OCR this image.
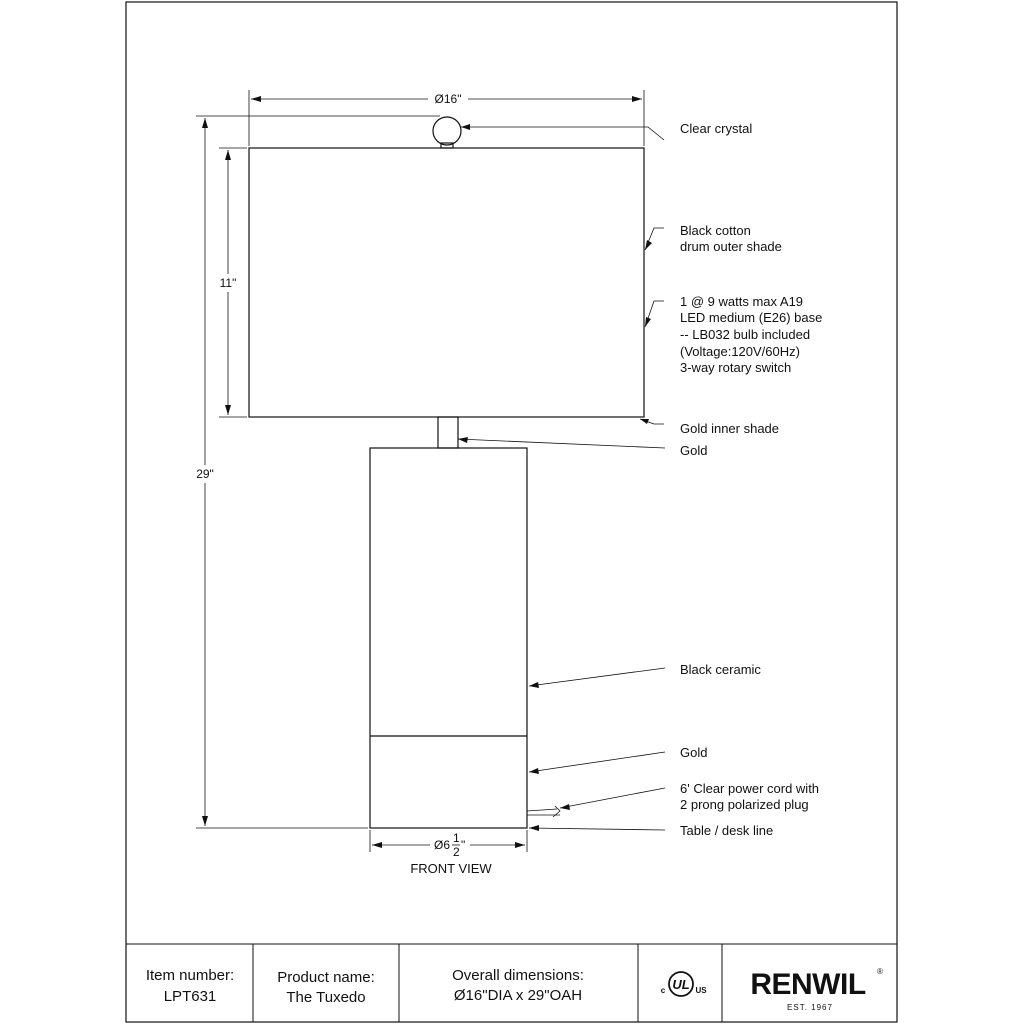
Ø16"
11"
29"
Ø6 1
2 "
FRONT VIEW
Clear crystal
Black cotton
drum outer shade
1 @ 9 watts max A19
LED medium (E26) base
-- LB032 bulb included
(Voltage:120V/60Hz)
3-way rotary switch
Gold inner shade
Gold
Black ceramic
Gold
6' Clear power cord with
2 prong polarized plug
Table / desk line
Item number:
LPT631
Product name:
The Tuxedo
Overall dimensions:
Ø16"DIA x 29"OAH
UL
c	US RENWIL ®
EST. 1967
